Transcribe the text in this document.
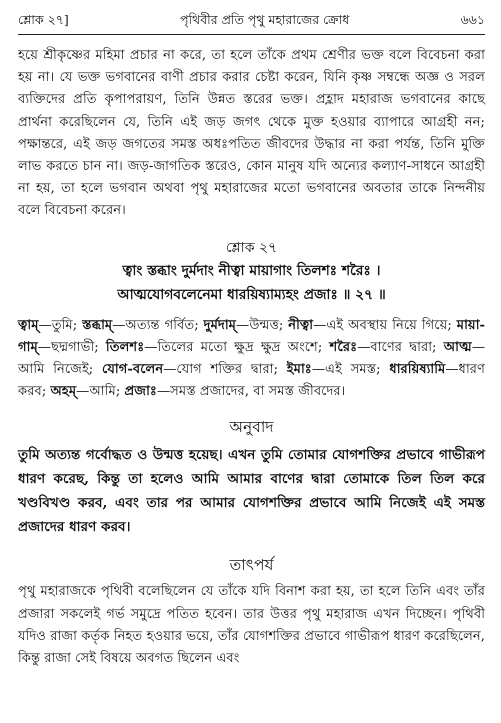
শ্লোক ২৭]	পৃথিবীর প্রতি পৃথু মহারাজের ক্রোধ	৬৬১

হয়ে শ্রীকৃষ্ণের মহিমা প্রচার না করে, তা হলে তাঁকে প্রথম শ্রেণীর ভক্ত বলে বিবেচনা করা হয় না। যে ভক্ত ভগবানের বাণী প্রচার করার চেষ্টা করেন, যিনি কৃষ্ণ সম্বন্ধে অজ্ঞ ও সরল ব্যক্তিদের প্রতি কৃপাপরায়ণ, তিনি উন্নত স্তরের ভক্ত। প্রহ্লাদ মহারাজ ভগবানের কাছে প্রার্থনা করেছিলেন যে, তিনি এই জড় জগৎ থেকে মুক্ত হওয়ার ব্যাপারে আগ্রহী নন; পক্ষান্তরে, এই জড় জগতের সমস্ত অধঃপতিত জীবদের উদ্ধার না করা পর্যন্ত, তিনি মুক্তি লাভ করতে চান না। জড়-জাগতিক স্তরেও, কোন মানুষ যদি অন্যের কল্যাণ-সাধনে আগ্রহী না হয়, তা হলে ভগবান অথবা পৃথু মহারাজের মতো ভগবানের অবতার তাকে নিন্দনীয় বলে বিবেচনা করেন।

শ্লোক ২৭
ত্বাং স্তব্ধাং দুর্মদাং নীত্বা মায়াগাং তিলশঃ শরৈঃ ।
আত্মযোগবলেনেমা ধারয়িষ্যাম্যহং প্রজাঃ ॥ ২৭ ॥

ত্বাম্—তুমি; স্তব্ধাম্—অত্যন্ত গর্বিত; দুর্মদাম্—উন্মত্ত; নীত্বা—এই অবস্থায় নিয়ে গিয়ে; মায়া-গাম্—ছদ্মগাভী; তিলশঃ—তিলের মতো ক্ষুদ্র ক্ষুদ্র অংশে; শরৈঃ—বাণের দ্বারা; আত্ম—আমি নিজেই; যোগ-বলেন—যোগ শক্তির দ্বারা; ইমাঃ—এই সমস্ত; ধারয়িষ্যামি—ধারণ করব; অহম্—আমি; প্রজাঃ—সমস্ত প্রজাদের, বা সমস্ত জীবদের।

অনুবাদ

তুমি অত্যন্ত গর্বোদ্ধত ও উন্মত্ত হয়েছ। এখন তুমি তোমার যোগশক্তির প্রভাবে গাভীরূপ ধারণ করেছ, কিন্তু তা হলেও আমি আমার বাণের দ্বারা তোমাকে তিল তিল করে খণ্ডবিখণ্ড করব, এবং তার পর আমার যোগশক্তির প্রভাবে আমি নিজেই এই সমস্ত প্রজাদের ধারণ করব।

তাৎপর্য

পৃথু মহারাজকে পৃথিবী বলেছিলেন যে তাঁকে যদি বিনাশ করা হয়, তা হলে তিনি এবং তাঁর প্রজারা সকলেই গর্ভ সমুদ্রে পতিত হবেন। তার উত্তর পৃথু মহারাজ এখন দিচ্ছেন। পৃথিবী যদিও রাজা কর্তৃক নিহত হওয়ার ভয়ে, তাঁর যোগশক্তির প্রভাবে গাভীরূপ ধারণ করেছিলেন, কিন্তু রাজা সেই বিষয়ে অবগত ছিলেন এবং
